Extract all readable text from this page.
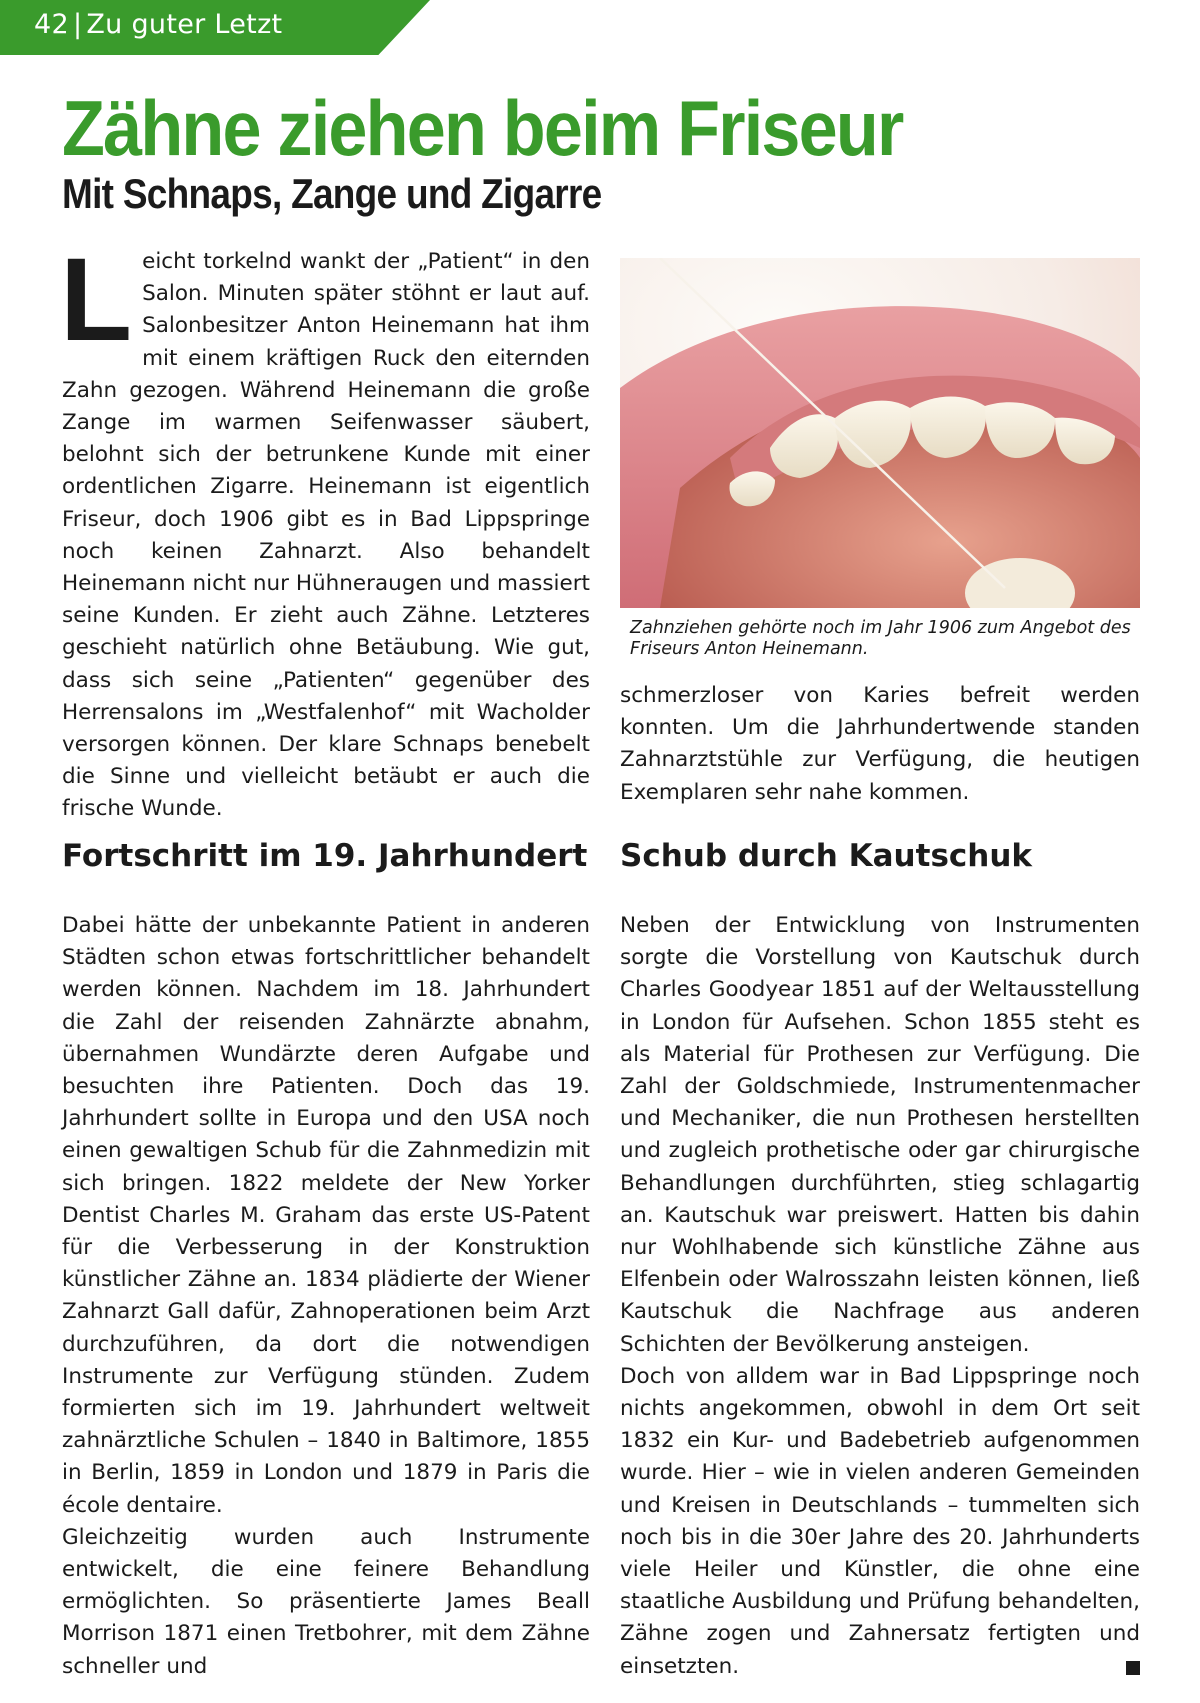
42 | Zu guter Letzt
Zähne ziehen beim Friseur
Mit Schnaps, Zange und Zigarre
L eicht torkelnd wankt der „Patient“ in den Salon. Minuten später stöhnt er laut auf. Salonbesitzer Anton Heinemann hat ihm mit einem kräftigen Ruck den eiternden Zahn gezogen. Während Heinemann die große Zange im warmen Seifenwasser säubert, belohnt sich der betrunkene Kunde mit einer ordentlichen Zigarre. Heinemann ist eigentlich Friseur, doch 1906 gibt es in Bad Lippspringe noch keinen Zahnarzt. Also behandelt Heinemann nicht nur Hühneraugen und massiert seine Kunden. Er zieht auch Zähne. Letzteres geschieht natürlich ohne Betäubung. Wie gut, dass sich seine „Patienten“ gegenüber des Herrensalons im „Westfalenhof“ mit Wacholder versorgen können. Der klare Schnaps benebelt die Sinne und vielleicht betäubt er auch die frische Wunde.

Zahnziehen gehörte noch im Jahr 1906 zum Angebot des Friseurs Anton Heinemann.

schmerzloser von Karies befreit werden konnten. Um die Jahrhundertwende standen Zahnarztstühle zur Verfügung, die heutigen Exemplaren sehr nahe kommen.

Fortschritt im 19. Jahrhundert Schub durch Kautschuk

Dabei hätte der unbekannte Patient in anderen Städten schon etwas fortschrittlicher behandelt werden können. Nachdem im 18. Jahrhundert die Zahl der reisenden Zahnärzte abnahm, übernahmen Wundärzte deren Aufgabe und besuchten ihre Patienten. Doch das 19. Jahrhundert sollte in Europa und den USA noch einen gewaltigen Schub für die Zahnmedizin mit sich bringen. 1822 meldete der New Yorker Dentist Charles M. Graham das erste US-Patent für die Verbesserung in der Konstruktion künstlicher Zähne an. 1834 plädierte der Wiener Zahnarzt Gall dafür, Zahnoperationen beim Arzt durchzuführen, da dort die notwendigen Instrumente zur Verfügung stünden. Zudem formierten sich im 19. Jahrhundert weltweit zahnärztliche Schulen – 1840 in Baltimore, 1855 in Berlin, 1859 in London und 1879 in Paris die école dentaire.

Gleichzeitig wurden auch Instrumente entwickelt, die eine feinere Behandlung ermöglichten. So präsentierte James Beall Morrison 1871 einen Tretbohrer, mit dem Zähne schneller und

Neben der Entwicklung von Instrumenten sorgte die Vorstellung von Kautschuk durch Charles Goodyear 1851 auf der Weltausstellung in London für Aufsehen. Schon 1855 steht es als Material für Prothesen zur Verfügung. Die Zahl der Goldschmiede, Instrumentenmacher und Mechaniker, die nun Prothesen herstellten und zugleich prothetische oder gar chirurgische Behandlungen durchführten, stieg schlagartig an. Kautschuk war preiswert. Hatten bis dahin nur Wohlhabende sich künstliche Zähne aus Elfenbein oder Walrosszahn leisten können, ließ Kautschuk die Nachfrage aus anderen Schichten der Bevölkerung ansteigen.

Doch von alldem war in Bad Lippspringe noch nichts angekommen, obwohl in dem Ort seit 1832 ein Kur- und Badebetrieb aufgenommen wurde. Hier – wie in vielen anderen Gemeinden und Kreisen in Deutschlands – tummelten sich noch bis in die 30er Jahre des 20. Jahrhunderts viele Heiler und Künstler, die ohne eine staatliche Ausbildung und Prüfung behandelten, Zähne zogen und Zahnersatz fertigten und einsetzten.
